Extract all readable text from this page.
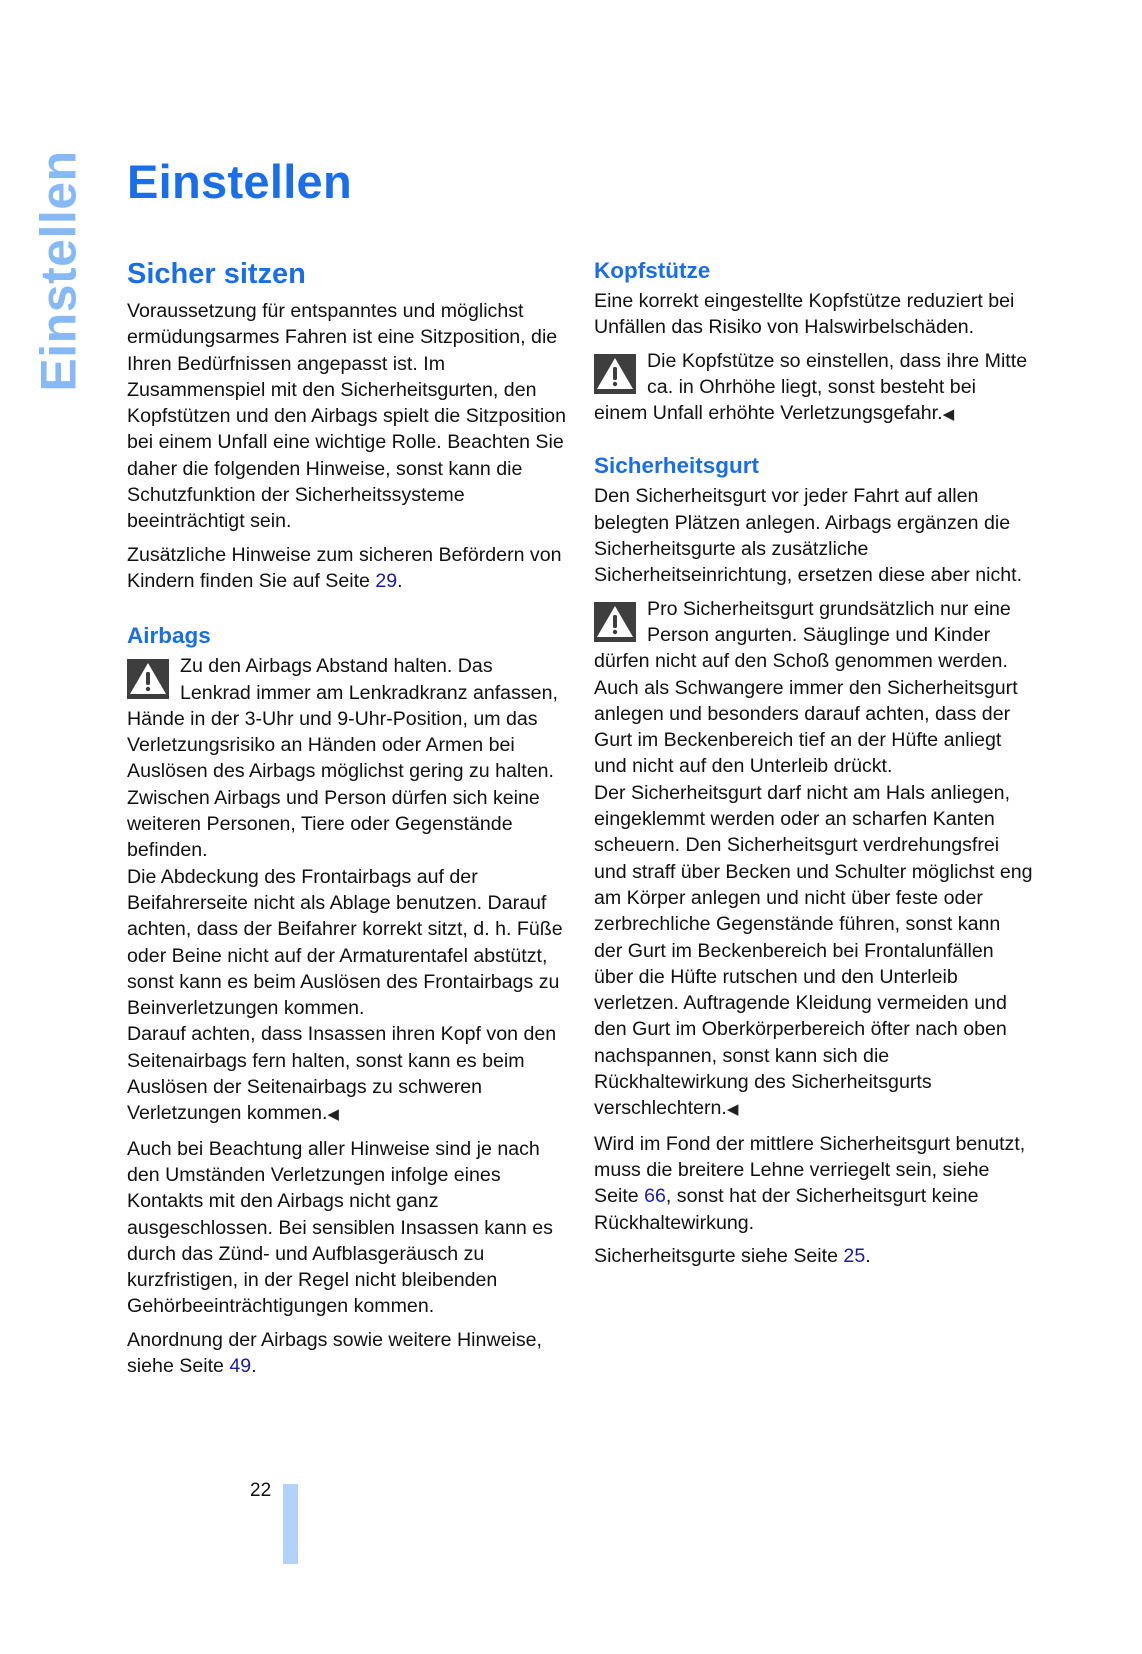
Einstellen Einstellen
Sicher sitzen

Voraussetzung für entspanntes und möglichst ermüdungsarmes Fahren ist eine Sitzposition, die Ihren Bedürfnissen angepasst ist. Im Zusammenspiel mit den Sicherheitsgurten, den Kopfstützen und den Airbags spielt die Sitzposition bei einem Unfall eine wichtige Rolle. Beachten Sie daher die folgenden Hinweise, sonst kann die Schutzfunktion der Sicherheitssysteme beeinträchtigt sein.

Zusätzliche Hinweise zum sicheren Befördern von Kindern finden Sie auf Seite 29.

Airbags

Zu den Airbags Abstand halten. Das Lenkrad immer am Lenkradkranz anfassen, Hände in der 3-Uhr und 9-Uhr-Position, um das Verletzungsrisiko an Händen oder Armen bei Auslösen des Airbags möglichst gering zu halten.

Zwischen Airbags und Person dürfen sich keine weiteren Personen, Tiere oder Gegenstände befinden.

Die Abdeckung des Frontairbags auf der Beifahrerseite nicht als Ablage benutzen. Darauf achten, dass der Beifahrer korrekt sitzt, d. h. Füße oder Beine nicht auf der Armaturentafel abstützt, sonst kann es beim Auslösen des Frontairbags zu Beinverletzungen kommen.

Darauf achten, dass Insassen ihren Kopf von den Seitenairbags fern halten, sonst kann es beim Auslösen der Seitenairbags zu schweren Verletzungen kommen.◀

Auch bei Beachtung aller Hinweise sind je nach den Umständen Verletzungen infolge eines Kontakts mit den Airbags nicht ganz ausgeschlossen. Bei sensiblen Insassen kann es durch das Zünd- und Aufblasgeräusch zu kurzfristigen, in der Regel nicht bleibenden Gehörbeeinträchtigungen kommen.

Anordnung der Airbags sowie weitere Hinweise, siehe Seite 49.

Kopfstütze

Eine korrekt eingestellte Kopfstütze reduziert bei Unfällen das Risiko von Halswirbelschäden.

Die Kopfstütze so einstellen, dass ihre Mitte ca. in Ohrhöhe liegt, sonst besteht bei einem Unfall erhöhte Verletzungsgefahr.◀

Sicherheitsgurt

Den Sicherheitsgurt vor jeder Fahrt auf allen belegten Plätzen anlegen. Airbags ergänzen die Sicherheitsgurte als zusätzliche Sicherheitseinrichtung, ersetzen diese aber nicht.

Pro Sicherheitsgurt grundsätzlich nur eine Person angurten. Säuglinge und Kinder dürfen nicht auf den Schoß genommen werden.

Auch als Schwangere immer den Sicherheitsgurt anlegen und besonders darauf achten, dass der Gurt im Beckenbereich tief an der Hüfte anliegt und nicht auf den Unterleib drückt.

Der Sicherheitsgurt darf nicht am Hals anliegen, eingeklemmt werden oder an scharfen Kanten scheuern. Den Sicherheitsgurt verdrehungsfrei und straff über Becken und Schulter möglichst eng am Körper anlegen und nicht über feste oder zerbrechliche Gegenstände führen, sonst kann der Gurt im Beckenbereich bei Frontalunfällen über die Hüfte rutschen und den Unterleib verletzen. Auftragende Kleidung vermeiden und den Gurt im Oberkörperbereich öfter nach oben nachspannen, sonst kann sich die Rückhaltewirkung des Sicherheitsgurts verschlechtern.◀

Wird im Fond der mittlere Sicherheitsgurt benutzt, muss die breitere Lehne verriegelt sein, siehe Seite 66, sonst hat der Sicherheitsgurt keine Rückhaltewirkung.

Sicherheitsgurte siehe Seite 25.

22
